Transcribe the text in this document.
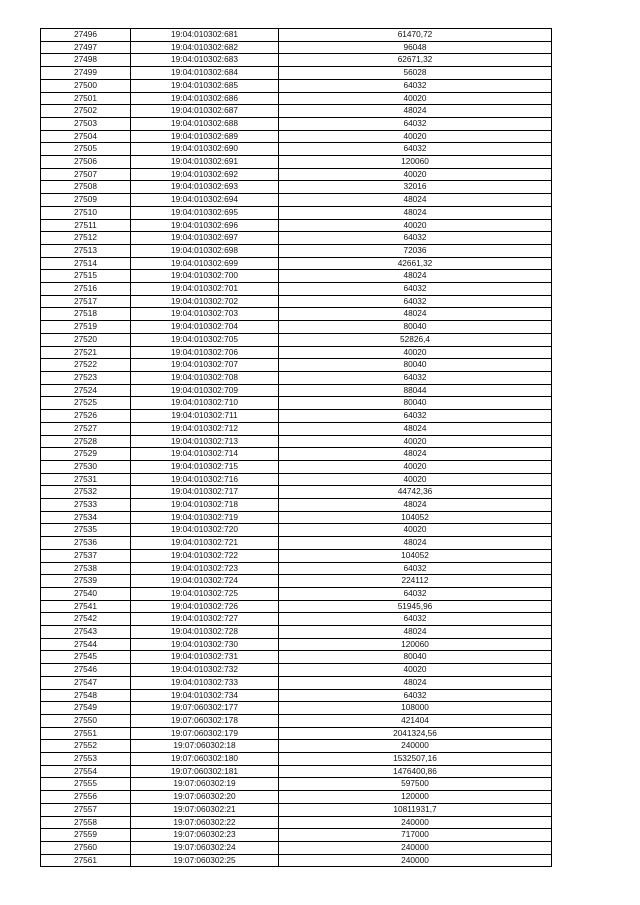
27496	19:04:010302:681	61470,72
27497	19:04:010302:682	96048
27498	19:04:010302:683	62671,32
27499	19:04:010302:684	56028
27500	19:04:010302:685	64032
27501	19:04:010302:686	40020
27502	19:04:010302:687	48024
27503	19:04:010302:688	64032
27504	19:04:010302:689	40020
27505	19:04:010302:690	64032
27506	19:04:010302:691	120060
27507	19:04:010302:692	40020
27508	19:04:010302:693	32016
27509	19:04:010302:694	48024
27510	19:04:010302:695	48024
27511	19:04:010302:696	40020
27512	19:04:010302:697	64032
27513	19:04:010302:698	72036
27514	19:04:010302:699	42661,32
27515	19:04:010302:700	48024
27516	19:04:010302:701	64032
27517	19:04:010302:702	64032
27518	19:04:010302:703	48024
27519	19:04:010302:704	80040
27520	19:04:010302:705	52826,4
27521	19:04:010302:706	40020
27522	19:04:010302:707	80040
27523	19:04:010302:708	64032
27524	19:04:010302:709	88044
27525	19:04:010302:710	80040
27526	19:04:010302:711	64032
27527	19:04:010302:712	48024
27528	19:04:010302:713	40020
27529	19:04:010302:714	48024
27530	19:04:010302:715	40020
27531	19:04:010302:716	40020
27532	19:04:010302:717	44742,36
27533	19:04:010302:718	48024
27534	19:04:010302:719	104052
27535	19:04:010302:720	40020
27536	19:04:010302:721	48024
27537	19:04:010302:722	104052
27538	19:04:010302:723	64032
27539	19:04:010302:724	224112
27540	19:04:010302:725	64032
27541	19:04:010302:726	51945,96
27542	19:04:010302:727	64032
27543	19:04:010302:728	48024
27544	19:04:010302:730	120060
27545	19:04:010302:731	80040
27546	19:04:010302:732	40020
27547	19:04:010302:733	48024
27548	19:04:010302:734	64032
27549	19:07:060302:177	108000
27550	19:07:060302:178	421404
27551	19:07:060302:179	2041324,56
27552	19:07:060302:18	240000
27553	19:07:060302:180	1532507,16
27554	19:07:060302:181	1476400,86
27555	19:07:060302:19	597500
27556	19:07:060302:20	120000
27557	19:07:060302:21	10811931,7
27558	19:07:060302:22	240000
27559	19:07:060302:23	717000
27560	19:07:060302:24	240000
27561	19:07:060302:25	240000
